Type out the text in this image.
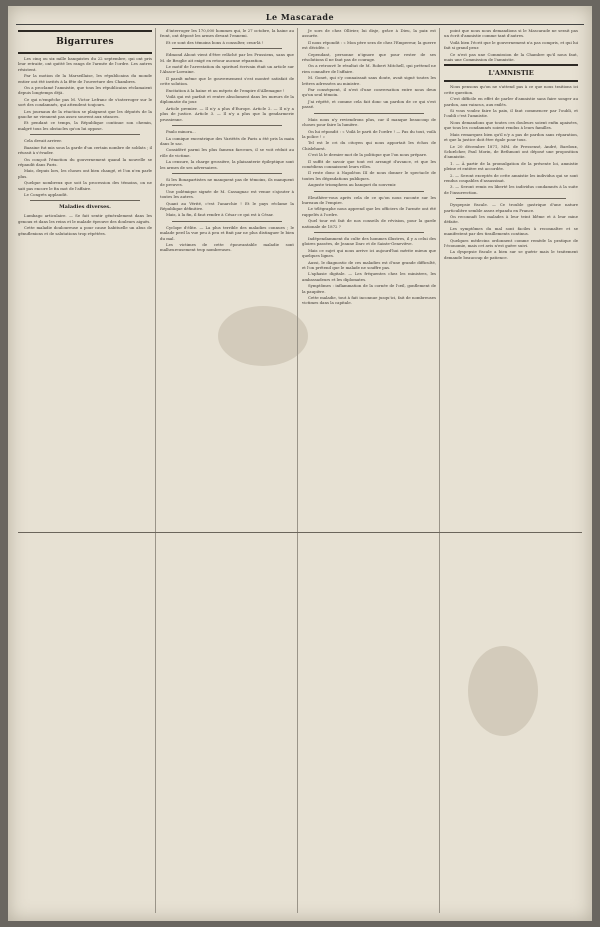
Le Mascarade
Bigarrures

Les cinq ou six mille banquistes du 22 septembre, qui ont pris leur retraite, ont quitté les rangs de l'armée de l'ordre. Les autres résistent.

Par la motion de la Marseillaise, les républicains du monde entier ont été invités à la fête de l'ouverture des Chambres.

On a proclamé l'amnistie, que tous les républicains réclamaient depuis longtemps déjà.

Ce qui n'empêche pas M. Victor Lefranc de s'interroger sur le sort des condamnés, qui attendent toujours.

Les journaux de la réaction se plaignent que les députés de la gauche ne viennent pas assez souvent aux séances.

Et pendant ce temps, la République continue son chemin, malgré tous les obstacles qu'on lui oppose.

Cela devait arriver.

Bazaine fut mis sous la garde d'un certain nombre de soldats ; il réussit à s'évader.

On conçoit l'émotion du gouvernement quand la nouvelle se répandit dans Paris.

Mais, depuis lors, les choses ont bien changé, et l'on n'en parle plus.

Quelque nombreux que soit la procession des témoins, on ne sait pas encore le fin mot de l'affaire.

Le Congrès applaudit.

Maladies diverses.

Lumbago articulaire. — Se fait sentir généralement dans les genoux et dans les reins et le malade éprouve des douleurs aiguës.

Cette maladie douloureuse a pour cause habituelle un abus de génuflexions et de salutations trop répétées.

d'interroger les 170,000 hommes qui, le 27 octobre, la haine au front, ont déposé les armes devant l'ennemi.

Et ce sont des témoins bons à consulter, ceux-là !

Edmond About vient d'être relâché par les Prussiens, sans que M. de Broglie ait exigé en retour aucune réparation.

Le motif de l'arrestation du spirituel écrivain était un article sur l'Alsace-Lorraine.

Il paraît même que le gouvernement s'est montré satisfait de cette solution.

Excitation à la haine et au mépris de l'empire d'Allemagne !

Voilà qui est parfait et rentre absolument dans les mœurs de la diplomatie du jour.

Article premier. — Il n'y a plus d'Europe. Article 2. — Il n'y a plus de justice. Article 3. — Il n'y a plus que la gendarmerie prussienne.

Paulo minora...

La comique excentrique des Variétés de Paris a été pris la main dans le sac.

Considéré parmi les plus fameux farceurs, il se voit réduit au rôle de victime.

La censure, la charge grossière, la plaisanterie épileptique sont les armes de ses adversaires.

Si les Bonapartistes ne manquent pas de témoins, ils manquent de preuves.

Une polémique signée de M. Cassagnac est venue s'ajouter à toutes les autres.

Quant au Vérité, c'est l'anarchie ! Et le pays réclame la République définitive.

Mais, à la fin, il faut rendre à César ce qui est à César.

Cyclope d'élite. — La plus terrible des maladies connues ; le malade perd la vue peu à peu et finit par ne plus distinguer le bien du mal.

Les victimes de cette épouvantable maladie sont malheureusement trop nombreuses.

Je sors de chez Ollivier, lui disje, grâce à Dieu, la paix est assurée.

Il nous répondit : « Mon père sera de chez l'Empereur, la guerre est décidée. »

Cependant, personne n'ignore que pour rester de ses résolutions il ne faut pas de courage.

On a retrouvé le résultat de M. Robert Mitchell, qui prétend ne rien connaître de l'affaire.

M. Gonet, qui s'y connaissait sans doute, avait signé toutes les lettres adressées au ministre.

Par conséquent, il n'est d'une conversation entre nous deux qu'un seul témoin.

J'ai répété, et comme cela fait donc un pardon de ce qui s'est passé.

Mais nous n'y reviendrons plus, car il manque beaucoup de choses pour faire la lumière.

On lui répondit : « Voilà le parti de l'ordre ! — Pas du tout, voilà la police ! »

Tel est le cri du citoyen qui nous apportait les échos de Chislehurst.

C'est là le dernier mot de la politique que l'on nous prépare.

Il suffit de savoir que tout est arrangé d'avance, et que les comédiens connaissent leurs rôles.

Il reste donc à Napoléon III de nous donner le spectacle de toutes les dégradations publiques.

Auguste triomphera au banquet du souvenir.

Eleuthère-vous après cela de ce qu'on nous raconte sur les bureaux de l'empire.

Le télégraphe nous apprend que les officiers de l'armée ont été rappelés à l'ordre.

Quel tour est fait de nos conseils de révision, pour la garde nationale de 1872 ?

Indépendamment du culte des hommes illustres, il y a celui des gloires passées, de Jeanne Darc et de Sainte-Geneviève.

Mais ce sujet qui nous arrive ici aujourd'hui mérite mieux que quelques lignes.

Aussi, le diagnostic de ces maladies est d'une grande difficulté, et l'on prétend que le malade ne souffre pas.

L'aphasie digitale. — Les fréquentes chez les ministres, les ambassadeurs et les diplomates.

Symptômes : inflammation de la cornée de l'œil, gonflement de la paupière.

Cette maladie, tout à fait inconnue jusqu'ici, fait de nombreuses victimes dans la capitale.

point que nous nous demandions si le Mascarade ne serait pas un écrit d'amnistie comme tant d'autres.

Voilà bien l'écrit que le gouvernement n'a pas compris, et qui lui fait si grand peur.

Ce n'est pas une Commission de la Chambre qu'il nous faut, mais une Commission de l'amnistie.

L'AMNISTIE

Nous pensons qu'on ne s'attend pas à ce que nous traitions ici cette question.

C'est difficile en effet de parler d'amnistie sans faire songer au pardon, aux vaincus, aux exilés.

Si vous voulez faire la paix, il faut commencer par l'oubli, et l'oubli c'est l'amnistie.

Nous demandons que toutes ces douleurs soient enfin apaisées, que tous les condamnés soient rendus à leurs familles.

Mais remarquez bien qu'il n'y a pas de pardon sans réparation, et que la justice doit être égale pour tous.

Le 20 décembre 1871, MM. de Pressensé, André, Bardoux, Schœlcher, Paul Morin, de Bethmont ont déposé une proposition d'amnistie.

1. — À partir de la promulgation de la présente loi, amnistie pleine et entière est accordée.

2. — Seront exceptés de cette amnistie les individus qui se sont rendus coupables d'assassinat.

3. — Seront remis en liberté les individus condamnés à la suite de l'insurrection.

Dyspepsie fiscale. — Ce trouble gastrique d'une nature particulière semble assez répandu en France.

On reconnaît les malades à leur teint blême et à leur mine défaite.

Les symptômes du mal sont faciles à reconnaître et se manifestent par des tiraillements continus.

Quelques médecins ordonnent comme remède la pratique de l'économie, mais cet avis n'est guère suivi.

La dyspepsie fiscale a bien sur se guérir mais le traitement demande beaucoup de patience.
